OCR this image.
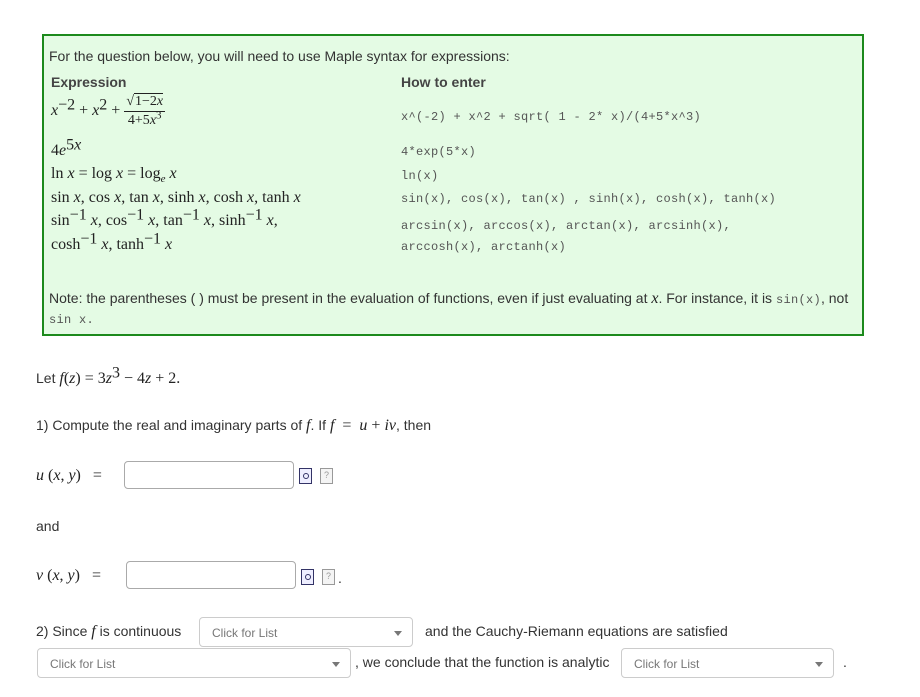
For the question below, you will need to use Maple syntax for expressions:
Expression	How to enter
$x^{-2} + x^2 + \frac{√1-2x}{4+5x^3}$	x^(-2) + x^2 + sqrt( 1 - 2* x)/(4+5*x^3)
$4e^{5x}$	4*exp(5*x)
$\ln x = \log x = \log_e x$	ln(x)
sin x, cos x, tan x, sinh x, cosh x, tanh x	sin(x), cos(x), tan(x) , sinh(x), cosh(x), tanh(x)
$\sin^{-1} x$, $\cos^{-1} x$, $\tan^{-1} x$, $\sinh^{-1} x$,
$\cosh^{-1} x$, $\tanh^{-1} x$
arcsin(x), arccos(x), arctan(x), arcsinh(x),
arccosh(x), arctanh(x)
Note: the parentheses ( ) must be present in the evaluation of functions, even if just evaluating at x. For instance, it is sin(x), not
sin x.
Let $f(z) = 3z^3 - 4z + 2$.
1) Compute the real and imaginary parts of f. If f  =  u + iv, then
u (x, y)   =
?
and
v (x, y)   =
?	.
2) Since f is continuous	Click for List	and the Cauchy-Riemann equations are satisfied
Click for List	, we conclude that the function is analytic	Click for List	.
